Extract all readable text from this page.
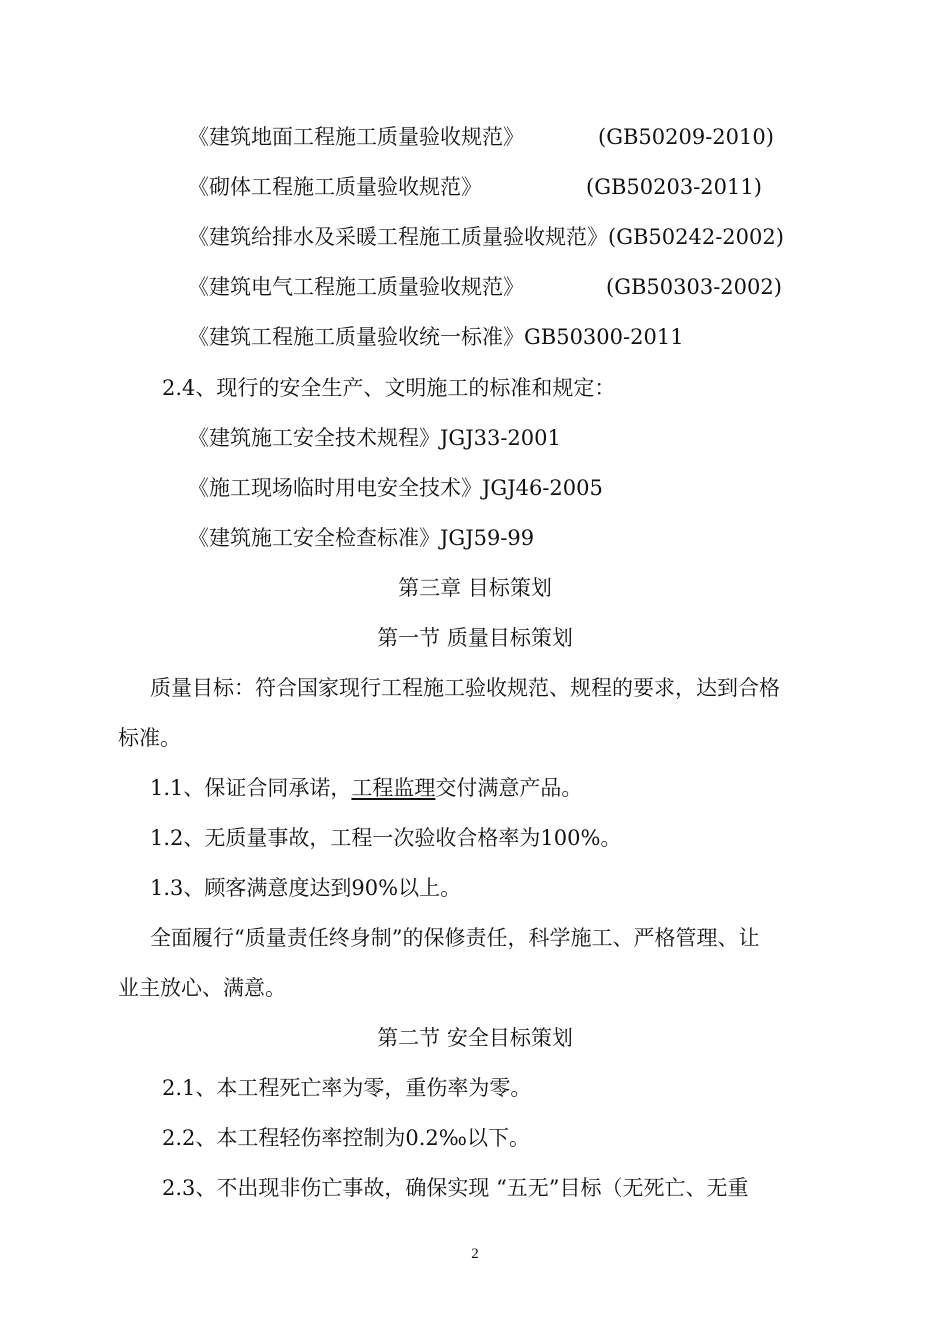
《建筑地面工程施工质量验收规范》	(GB50209-2010)
《砌体工程施工质量验收规范》	(GB50203-2011)
《建筑给排水及采暖工程施工质量验收规范》(GB50242-2002)
《建筑电气工程施工质量验收规范》	(GB50303-2002)
《建筑工程施工质量验收统一标准》GB50300-2011
2.4、现行的安全生产、文明施工的标准和规定：
《建筑施工安全技术规程》JGJ33-2001
《施工现场临时用电安全技术》JGJ46-2005
《建筑施工安全检查标准》JGJ59-99
第三章 目标策划
第一节 质量目标策划
质量目标：符合国家现行工程施工验收规范、规程的要求，达到合格
标准。
1.1、保证合同承诺，工程监理交付满意产品。
1.2、无质量事故，工程一次验收合格率为100%。
1.3、顾客满意度达到90%以上。
全面履行“质量责任终身制”的保修责任，科学施工、严格管理、让
业主放心、满意。
第二节 安全目标策划
2.1、本工程死亡率为零，重伤率为零。
2.2、本工程轻伤率控制为0.2‰以下。
2.3、不出现非伤亡事故，确保实现 “五无”目标（无死亡、无重
2
